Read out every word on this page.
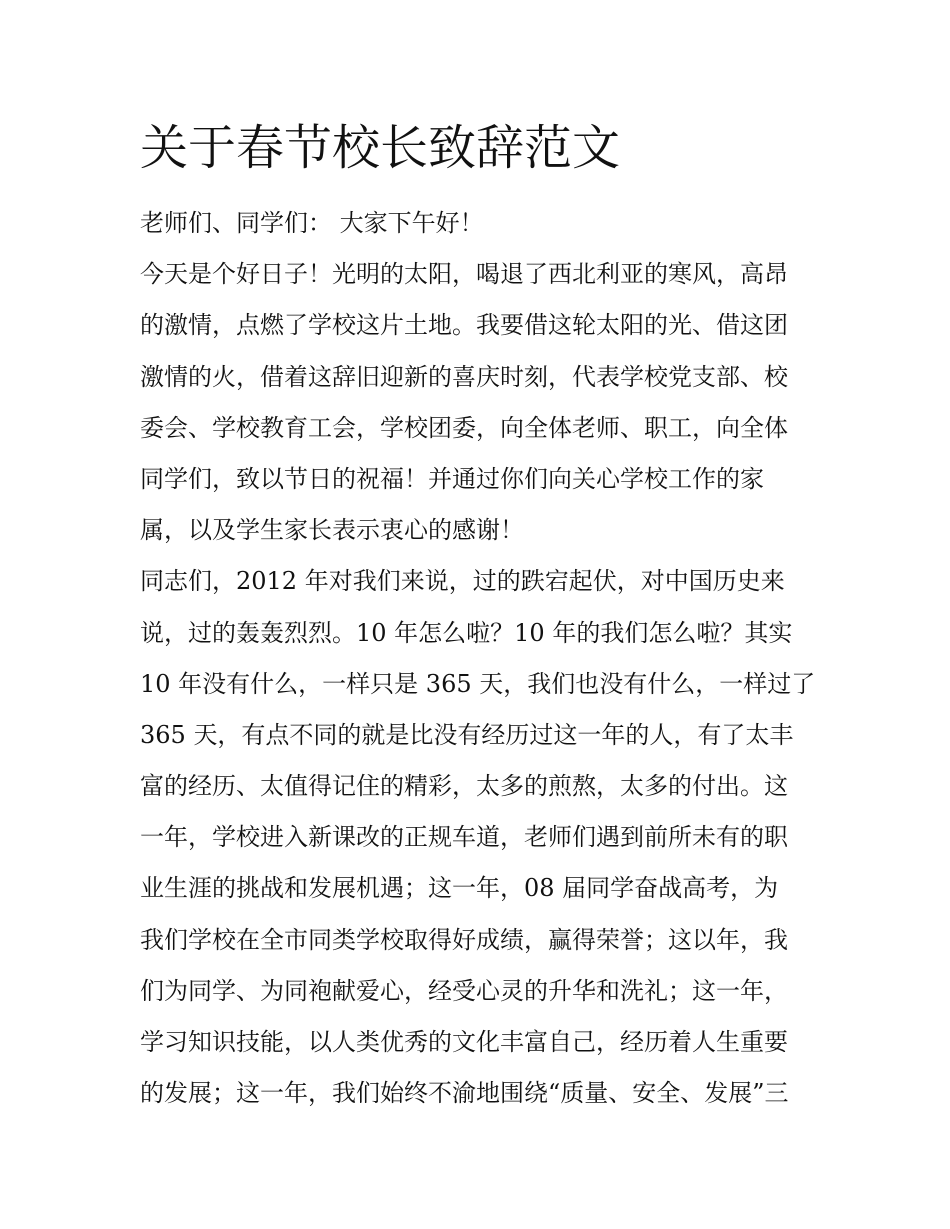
关于春节校长致辞范文

老师们、同学们： 大家下午好！

今天是个好日子！光明的太阳，喝退了西北利亚的寒风，高昂
的激情，点燃了学校这片土地。我要借这轮太阳的光、借这团
激情的火，借着这辞旧迎新的喜庆时刻，代表学校党支部、校
委会、学校教育工会，学校团委，向全体老师、职工，向全体
同学们，致以节日的祝福！并通过你们向关心学校工作的家
属，以及学生家长表示衷心的感谢！

同志们，2012 年对我们来说，过的跌宕起伏，对中国历史来
说，过的轰轰烈烈。10 年怎么啦？10 年的我们怎么啦？其实
10 年没有什么，一样只是 365 天，我们也没有什么，一样过了
365 天，有点不同的就是比没有经历过这一年的人，有了太丰
富的经历、太值得记住的精彩，太多的煎熬，太多的付出。这
一年，学校进入新课改的正规车道，老师们遇到前所未有的职
业生涯的挑战和发展机遇；这一年，08 届同学奋战高考，为
我们学校在全市同类学校取得好成绩，赢得荣誉；这以年，我
们为同学、为同袍献爱心，经受心灵的升华和洗礼；这一年，
学习知识技能，以人类优秀的文化丰富自己，经历着人生重要
的发展；这一年，我们始终不渝地围绕“质量、安全、发展”三
